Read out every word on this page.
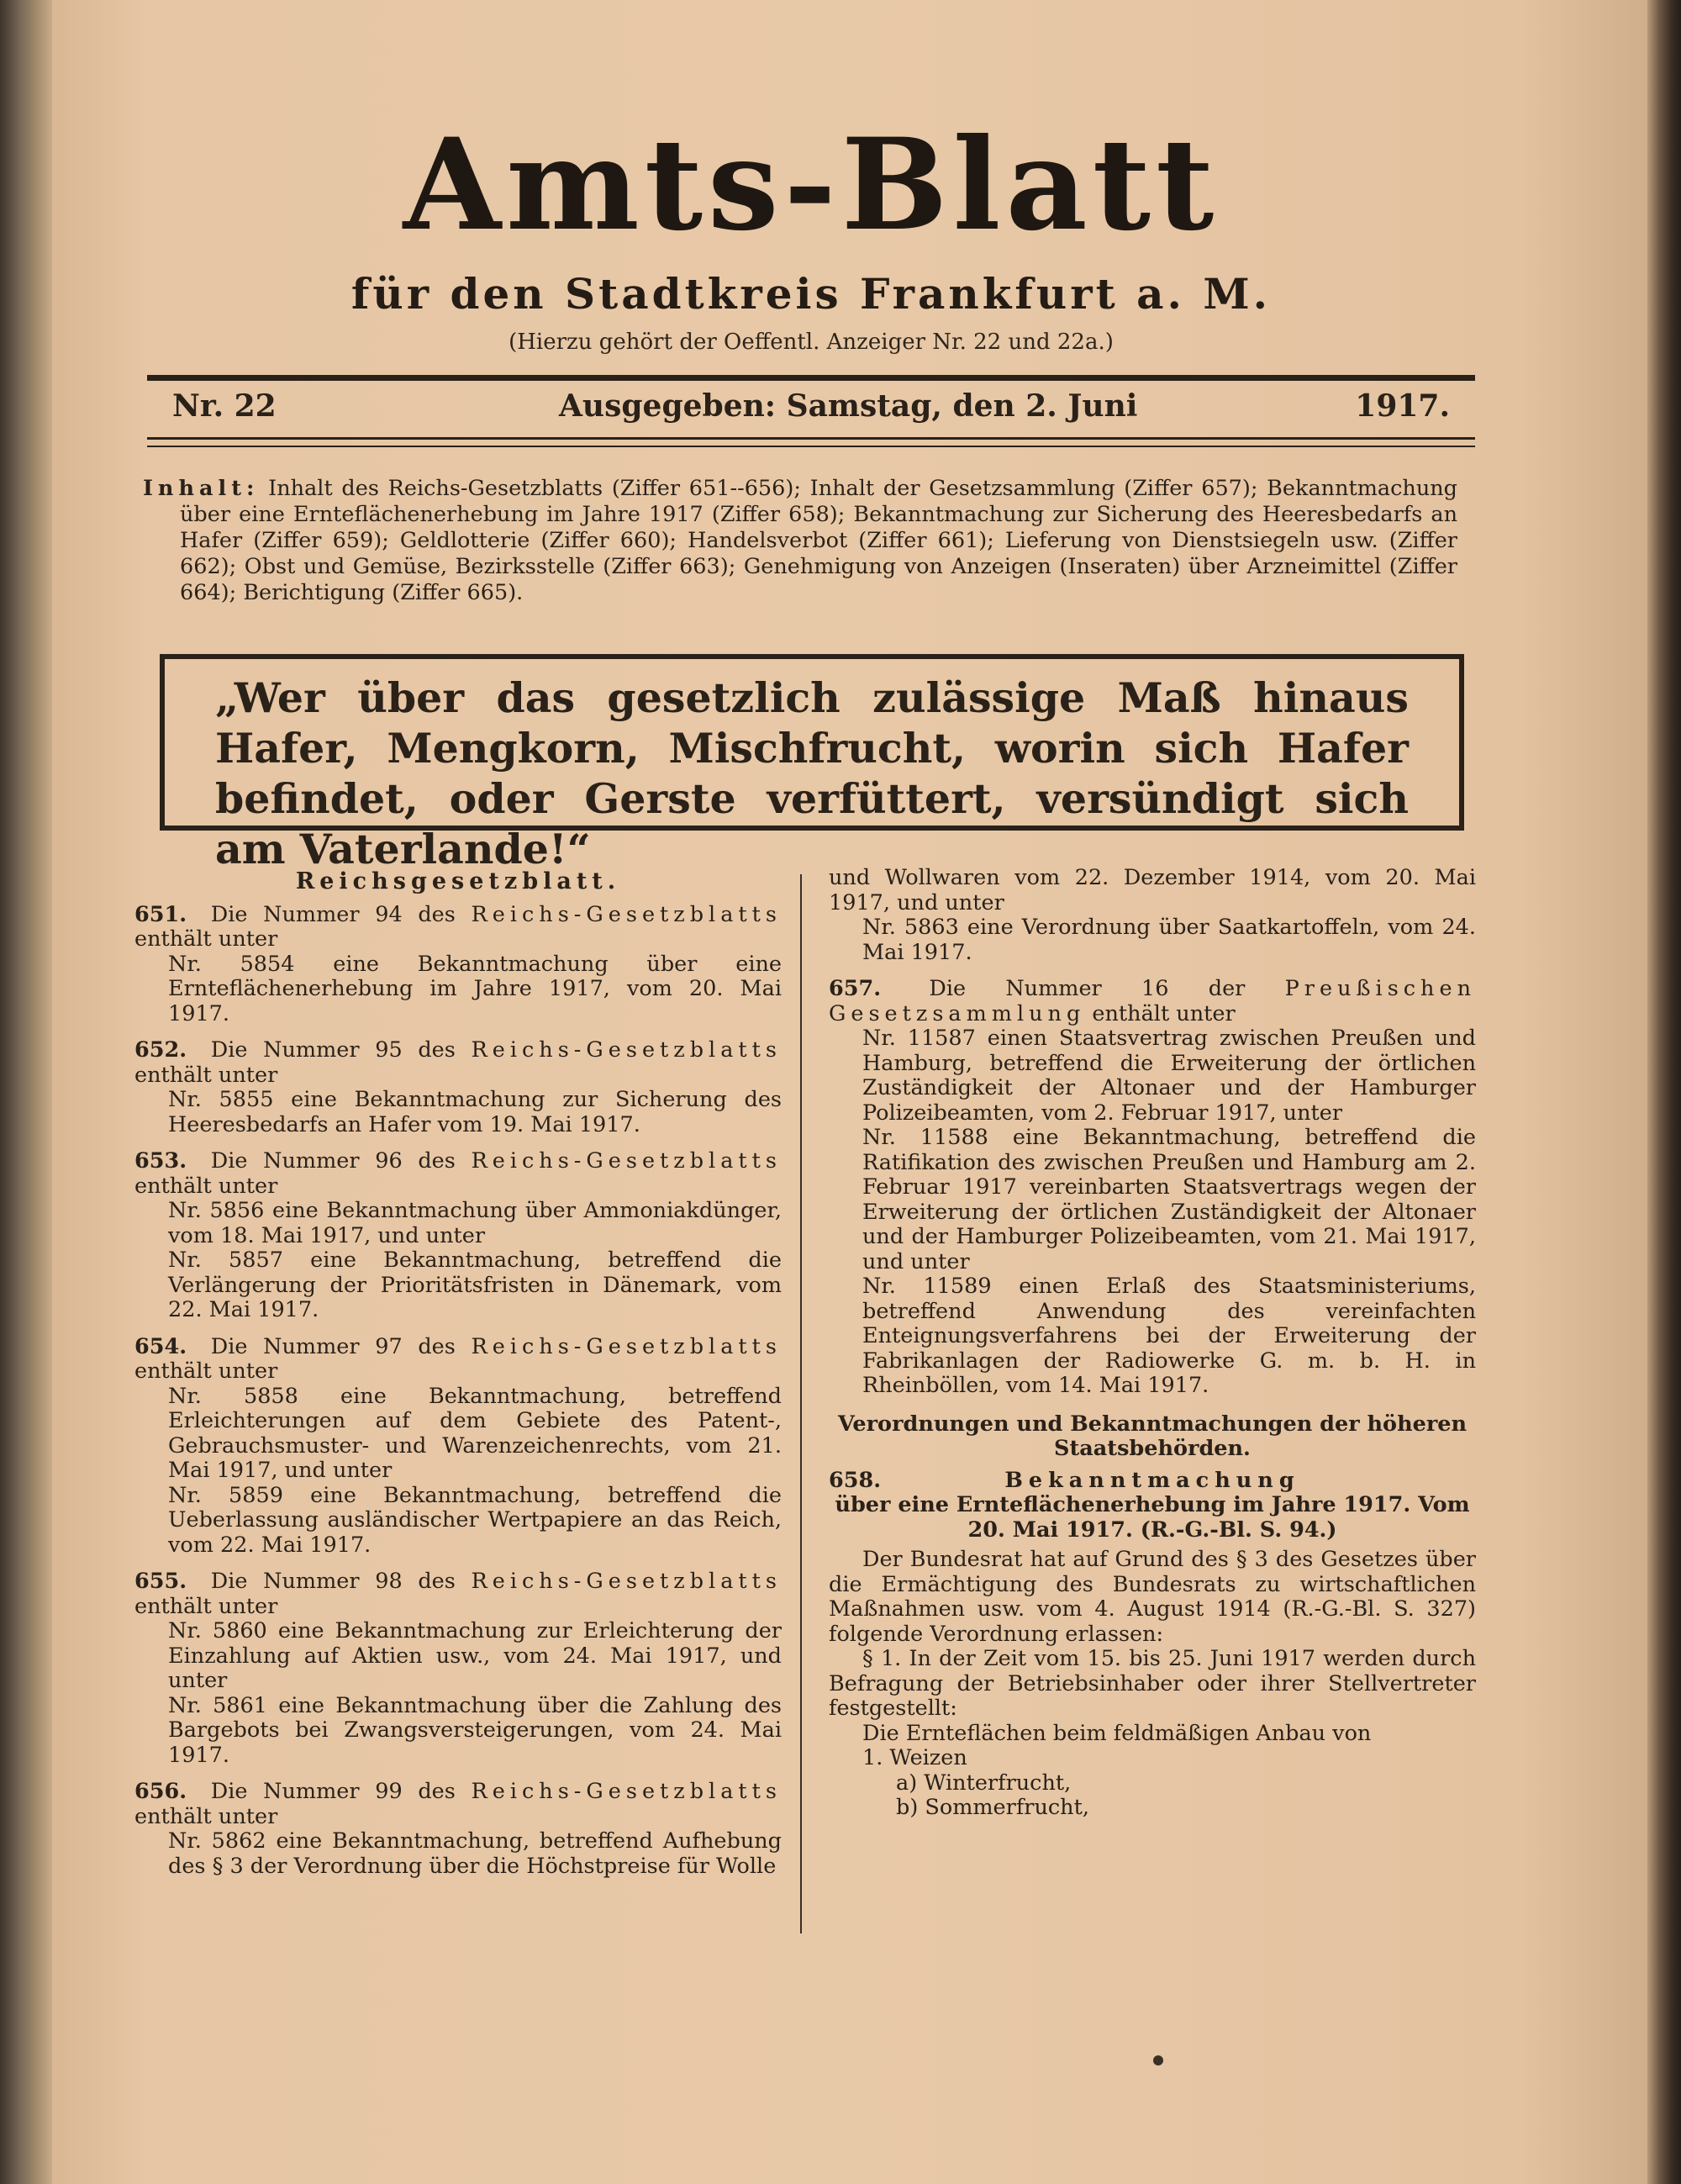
Amts-Blatt
für den Stadtkreis Frankfurt a. M.
(Hierzu gehört der Oeffentl. Anzeiger Nr. 22 und 22a.)
Nr. 22	Ausgegeben: Samstag, den 2. Juni	1917.
Inhalt: Inhalt des Reichs-Gesetzblatts (Ziffer 651--656); Inhalt der Gesetzsammlung (Ziffer 657); Bekanntmachung über eine Ernteflächenerhebung im Jahre 1917 (Ziffer 658); Bekanntmachung zur Sicherung des Heeresbedarfs an Hafer (Ziffer 659); Geldlotterie (Ziffer 660); Handelsverbot (Ziffer 661); Lieferung von Dienstsiegeln usw. (Ziffer 662); Obst und Gemüse, Bezirksstelle (Ziffer 663); Genehmigung von Anzeigen (Inseraten) über Arzneimittel (Ziffer 664); Berichtigung (Ziffer 665).
„Wer über das gesetzlich zulässige Maß hinaus Hafer, Mengkorn, Mischfrucht, worin sich Hafer befindet, oder Gerste verfüttert, versündigt sich am Vaterlande!“
Reichsgesetzblatt.
651. Die Nummer 94 des Reichs-Gesetzblatts enthält unter
Nr. 5854 eine Bekanntmachung über eine Ernteflächenerhebung im Jahre 1917, vom 20. Mai 1917.
652. Die Nummer 95 des Reichs-Gesetzblatts enthält unter
Nr. 5855 eine Bekanntmachung zur Sicherung des Heeresbedarfs an Hafer vom 19. Mai 1917.
653. Die Nummer 96 des Reichs-Gesetzblatts enthält unter
Nr. 5856 eine Bekanntmachung über Ammoniakdünger, vom 18. Mai 1917, und unter
Nr. 5857 eine Bekanntmachung, betreffend die Verlängerung der Prioritätsfristen in Dänemark, vom 22. Mai 1917.
654. Die Nummer 97 des Reichs-Gesetzblatts enthält unter
Nr. 5858 eine Bekanntmachung, betreffend Erleichterungen auf dem Gebiete des Patent-, Gebrauchsmuster- und Warenzeichenrechts, vom 21. Mai 1917, und unter
Nr. 5859 eine Bekanntmachung, betreffend die Ueberlassung ausländischer Wertpapiere an das Reich, vom 22. Mai 1917.
655. Die Nummer 98 des Reichs-Gesetzblatts enthält unter
Nr. 5860 eine Bekanntmachung zur Erleichterung der Einzahlung auf Aktien usw., vom 24. Mai 1917, und unter
Nr. 5861 eine Bekanntmachung über die Zahlung des Bargebots bei Zwangsversteigerungen, vom 24. Mai 1917.
656. Die Nummer 99 des Reichs-Gesetzblatts enthält unter
Nr. 5862 eine Bekanntmachung, betreffend Aufhebung des § 3 der Verordnung über die Höchstpreise für Wolle
und Wollwaren vom 22. Dezember 1914, vom 20. Mai 1917, und unter
Nr. 5863 eine Verordnung über Saatkartoffeln, vom 24. Mai 1917.
657. Die Nummer 16 der Preußischen Gesetzsammlung enthält unter
Nr. 11587 einen Staatsvertrag zwischen Preußen und Hamburg, betreffend die Erweiterung der örtlichen Zuständigkeit der Altonaer und der Hamburger Polizeibeamten, vom 2. Februar 1917, unter
Nr. 11588 eine Bekanntmachung, betreffend die Ratifikation des zwischen Preußen und Hamburg am 2. Februar 1917 vereinbarten Staatsvertrags wegen der Erweiterung der örtlichen Zuständigkeit der Altonaer und der Hamburger Polizeibeamten, vom 21. Mai 1917, und unter
Nr. 11589 einen Erlaß des Staatsministeriums, betreffend Anwendung des vereinfachten Enteignungsverfahrens bei der Erweiterung der Fabrikanlagen der Radiowerke G. m. b. H. in Rheinböllen, vom 14. Mai 1917.
Verordnungen und Bekanntmachungen der höheren Staatsbehörden.
658.	Bekanntmachung
über eine Ernteflächenerhebung im Jahre 1917. Vom 20. Mai 1917. (R.-G.-Bl. S. 94.)
Der Bundesrat hat auf Grund des § 3 des Gesetzes über die Ermächtigung des Bundesrats zu wirtschaftlichen Maßnahmen usw. vom 4. August 1914 (R.-G.-Bl. S. 327) folgende Verordnung erlassen:
§ 1. In der Zeit vom 15. bis 25. Juni 1917 werden durch Befragung der Betriebsinhaber oder ihrer Stellvertreter festgestellt:
Die Ernteflächen beim feldmäßigen Anbau von
1. Weizen
a) Winterfrucht,
b) Sommerfrucht,
